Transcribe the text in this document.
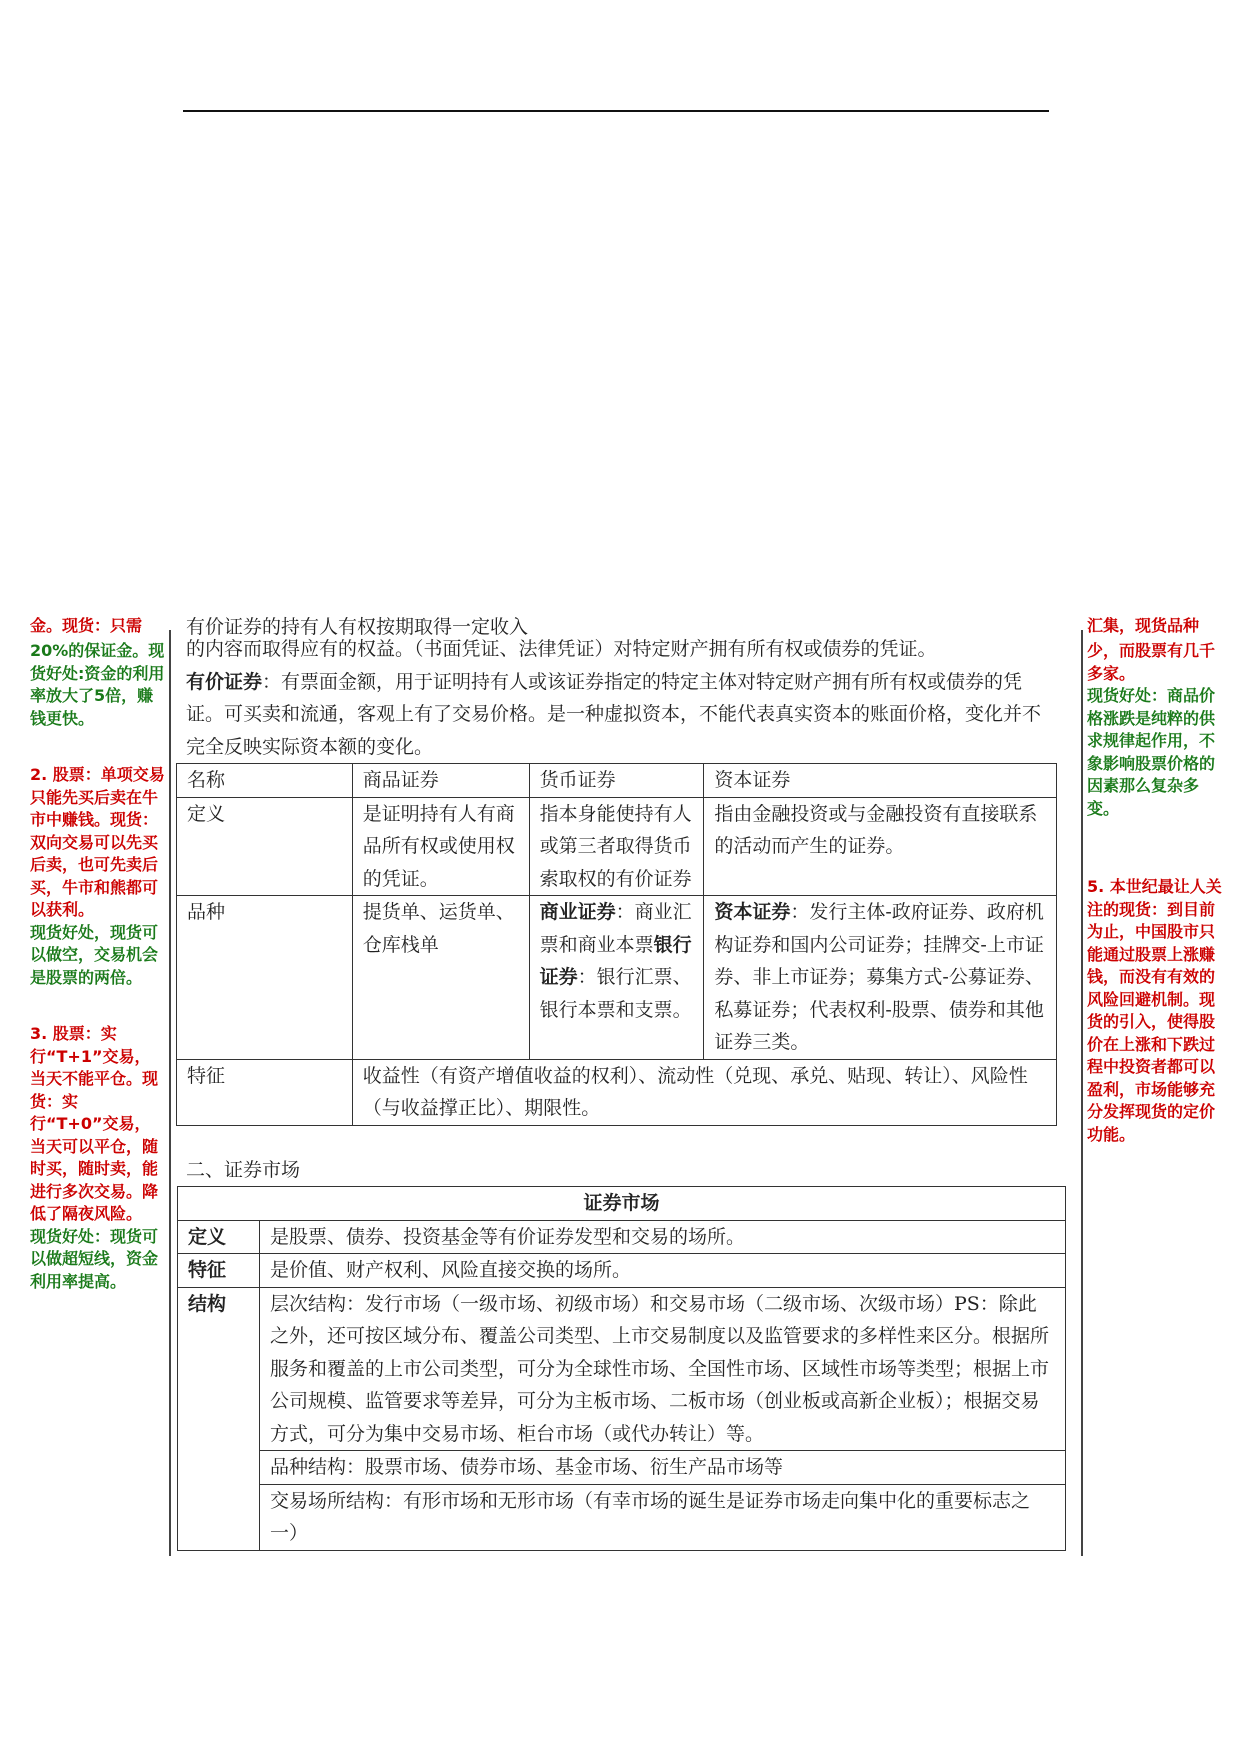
金。现货：只需

20%的保证金。现货好处:资金的利用率放大了5倍，赚钱更快。

2. 股票：单项交易只能先买后卖在牛市中赚钱。现货：双向交易可以先买后卖，也可先卖后买，牛市和熊都可以获利。

现货好处，现货可以做空，交易机会是股票的两倍。

3. 股票：实行“T+1”交易，当天不能平仓。现货：实行“T+0”交易，当天可以平仓，随时买，随时卖，能进行多次交易。降低了隔夜风险。

现货好处：现货可以做超短线，资金利用率提高。

汇集，现货品种

少，而股票有几千多家。

现货好处：商品价格涨跌是纯粹的供求规律起作用，不象影响股票价格的因素那么复杂多变。

5. 本世纪最让人关注的现货：到目前为止，中国股市只能通过股票上涨赚钱，而没有有效的风险回避机制。现货的引入，使得股价在上涨和下跌过程中投资者都可以盈利，市场能够充分发挥现货的定价功能。

有价证券的持有人有权按期取得一定收入

的内容而取得应有的权益。（书面凭证、法律凭证）对特定财产拥有所有权或债券的凭证。

有价证券：有票面金额，用于证明持有人或该证券指定的特定主体对特定财产拥有所有权或债券的凭证。可买卖和流通，客观上有了交易价格。是一种虚拟资本，不能代表真实资本的账面价格，变化并不完全反映实际资本额的变化。

名称	商品证券	货币证券	资本证券
定义	是证明持有人有商品所有权或使用权的凭证。	指本身能使持有人或第三者取得货币索取权的有价证券	指由金融投资或与金融投资有直接联系的活动而产生的证券。
品种	提货单、运货单、仓库栈单	商业证券：商业汇票和商业本票银行证券：银行汇票、银行本票和支票。	资本证券：发行主体-政府证券、政府机构证券和国内公司证券；挂牌交-上市证券、非上市证券；募集方式-公募证券、私募证券；代表权利-股票、债券和其他证券三类。
特征	收益性（有资产增值收益的权利）、流动性（兑现、承兑、贴现、转让）、风险性（与收益撑正比）、期限性。		
二、证券市场
证券市场	
定义	是股票、债券、投资基金等有价证券发型和交易的场所。
特征	是价值、财产权利、风险直接交换的场所。
结构	层次结构：发行市场（一级市场、初级市场）和交易市场（二级市场、次级市场）PS：除此之外，还可按区域分布、覆盖公司类型、上市交易制度以及监管要求的多样性来区分。根据所服务和覆盖的上市公司类型，可分为全球性市场、全国性市场、区域性市场等类型；根据上市公司规模、监管要求等差异，可分为主板市场、二板市场（创业板或高新企业板）；根据交易方式，可分为集中交易市场、柜台市场（或代办转让）等。
	品种结构：股票市场、债券市场、基金市场、衍生产品市场等
	交易场所结构：有形市场和无形市场（有幸市场的诞生是证券市场走向集中化的重要标志之一）
